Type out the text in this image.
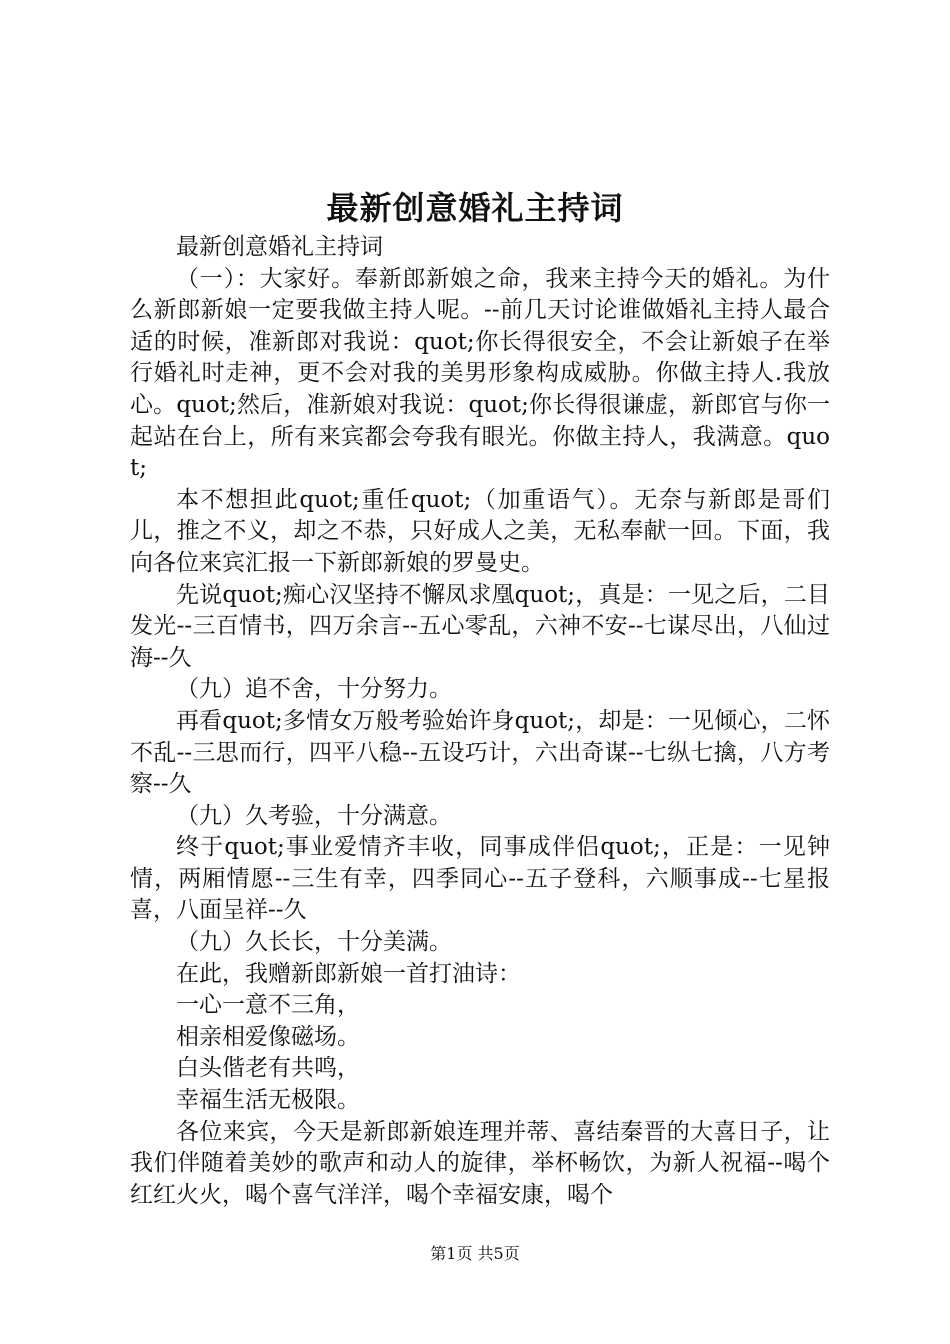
最新创意婚礼主持词

最新创意婚礼主持词

（一）：大家好。奉新郎新娘之命，我来主持今天的婚礼。为什么新郎新娘一定要我做主持人呢。--前几天讨论谁做婚礼主持人最合适的时候，准新郎对我说：quot;你长得很安全，不会让新娘子在举行婚礼时走神，更不会对我的美男形象构成威胁。你做主持人.我放心。quot;然后，准新娘对我说：quot;你长得很谦虚，新郎官与你一起站在台上，所有来宾都会夸我有眼光。你做主持人，我满意。quot;

本不想担此quot;重任quot;（加重语气）。无奈与新郎是哥们儿，推之不义，却之不恭，只好成人之美，无私奉献一回。下面，我向各位来宾汇报一下新郎新娘的罗曼史。

先说quot;痴心汉坚持不懈凤求凰quot;，真是：一见之后，二目发光--三百情书，四万余言--五心零乱，六神不安--七谋尽出，八仙过海--久

（九）追不舍，十分努力。

再看quot;多情女万般考验始许身quot;，却是：一见倾心，二怀不乱--三思而行，四平八稳--五设巧计，六出奇谋--七纵七擒，八方考察--久

（九）久考验，十分满意。

终于quot;事业爱情齐丰收，同事成伴侣quot;，正是：一见钟情，两厢情愿--三生有幸，四季同心--五子登科，六顺事成--七星报喜，八面呈祥--久

（九）久长长，十分美满。

在此，我赠新郎新娘一首打油诗：

一心一意不三角，

相亲相爱像磁场。

白头偕老有共鸣，

幸福生活无极限。

各位来宾，今天是新郎新娘连理并蒂、喜结秦晋的大喜日子，让我们伴随着美妙的歌声和动人的旋律，举杯畅饮，为新人祝福--喝个红红火火，喝个喜气洋洋，喝个幸福安康，喝个

第1页 共5页
